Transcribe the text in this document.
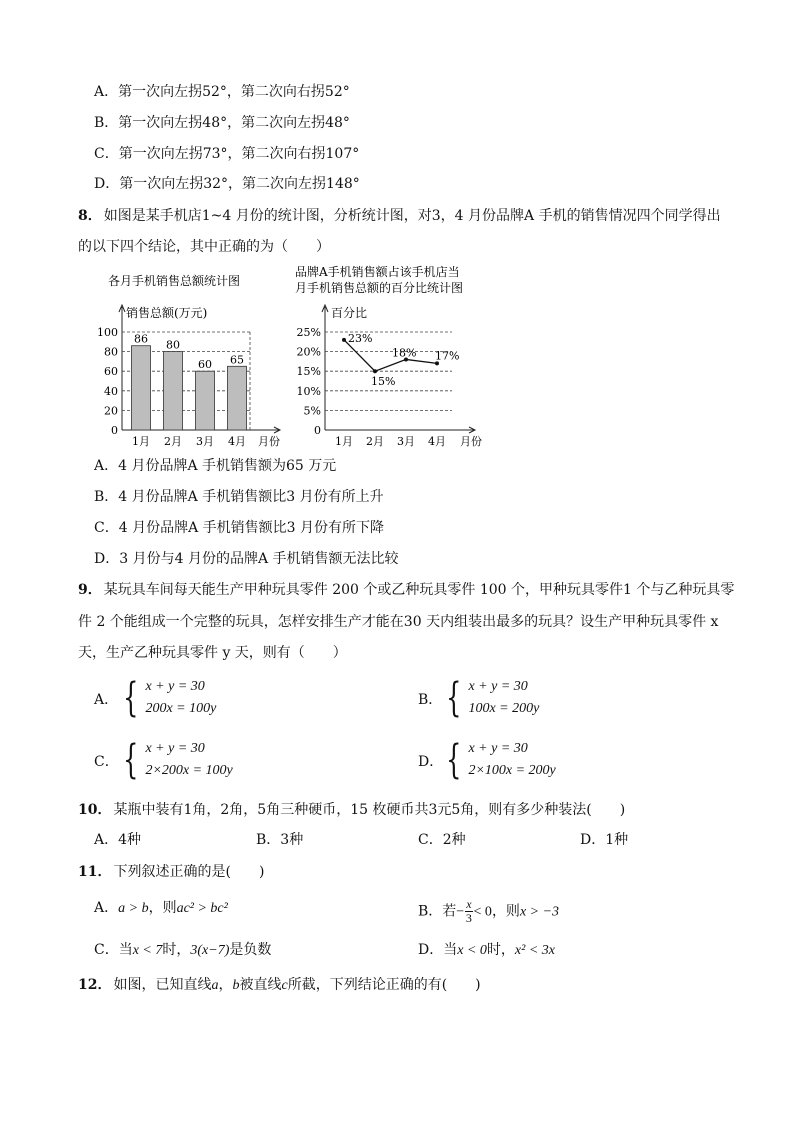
A．第一次向左拐52°，第二次向右拐52°
B．第一次向左拐48°，第二次向左拐48°
C．第一次向左拐73°，第二次向右拐107°
D．第一次向左拐32°，第二次向左拐148°
8． 如图是某手机店1~4 月份的统计图，分析统计图，对3，4 月份品牌A 手机的销售情况四个同学得出
的以下四个结论，其中正确的为（　　）
各月手机销售总额统计图
品牌A手机销售额占该手机店当
月手机销售总额的百分比统计图
销售总额(万元)
0
20
40
60
80
100
86
1月
80
2月
60
3月
65
4月 月份
百分比
0
5%
10%
15%
20%
25% 23%
1月
15%
2月
18%
3月
17%
4月 月份
A．4 月份品牌A 手机销售额为65 万元
B．4 月份品牌A 手机销售额比3 月份有所上升
C．4 月份品牌A 手机销售额比3 月份有所下降
D．3 月份与4 月份的品牌A 手机销售额无法比较
9． 某玩具车间每天能生产甲种玩具零件 200 个或乙种玩具零件 100 个，甲种玩具零件1 个与乙种玩具零
件 2 个能组成一个完整的玩具，怎样安排生产才能在30 天内组装出最多的玩具？设生产甲种玩具零件 x
天，生产乙种玩具零件 y 天，则有（　　）
A． { x + y = 30
200x = 100y
B． { x + y = 30
100x = 200y
C． { x + y = 30
2×200x = 100y
D． { x + y = 30
2×100x = 200y
10． 某瓶中装有1角，2角，5角三种硬币，15 枚硬币共3元5角，则有多少种装法(　　)
A．4种	B．3种	C．2种	D．1种
11． 下列叙述正确的是(　　)
A．a > b，则ac² > bc²	B．若− $\frac{x}{3} < 0$，则x > −3
C．当x < 7时，3(x−7)是负数	D．当x < 0时，x² < 3x
12． 如图，已知直线a，b被直线c所截，下列结论正确的有(　　)
